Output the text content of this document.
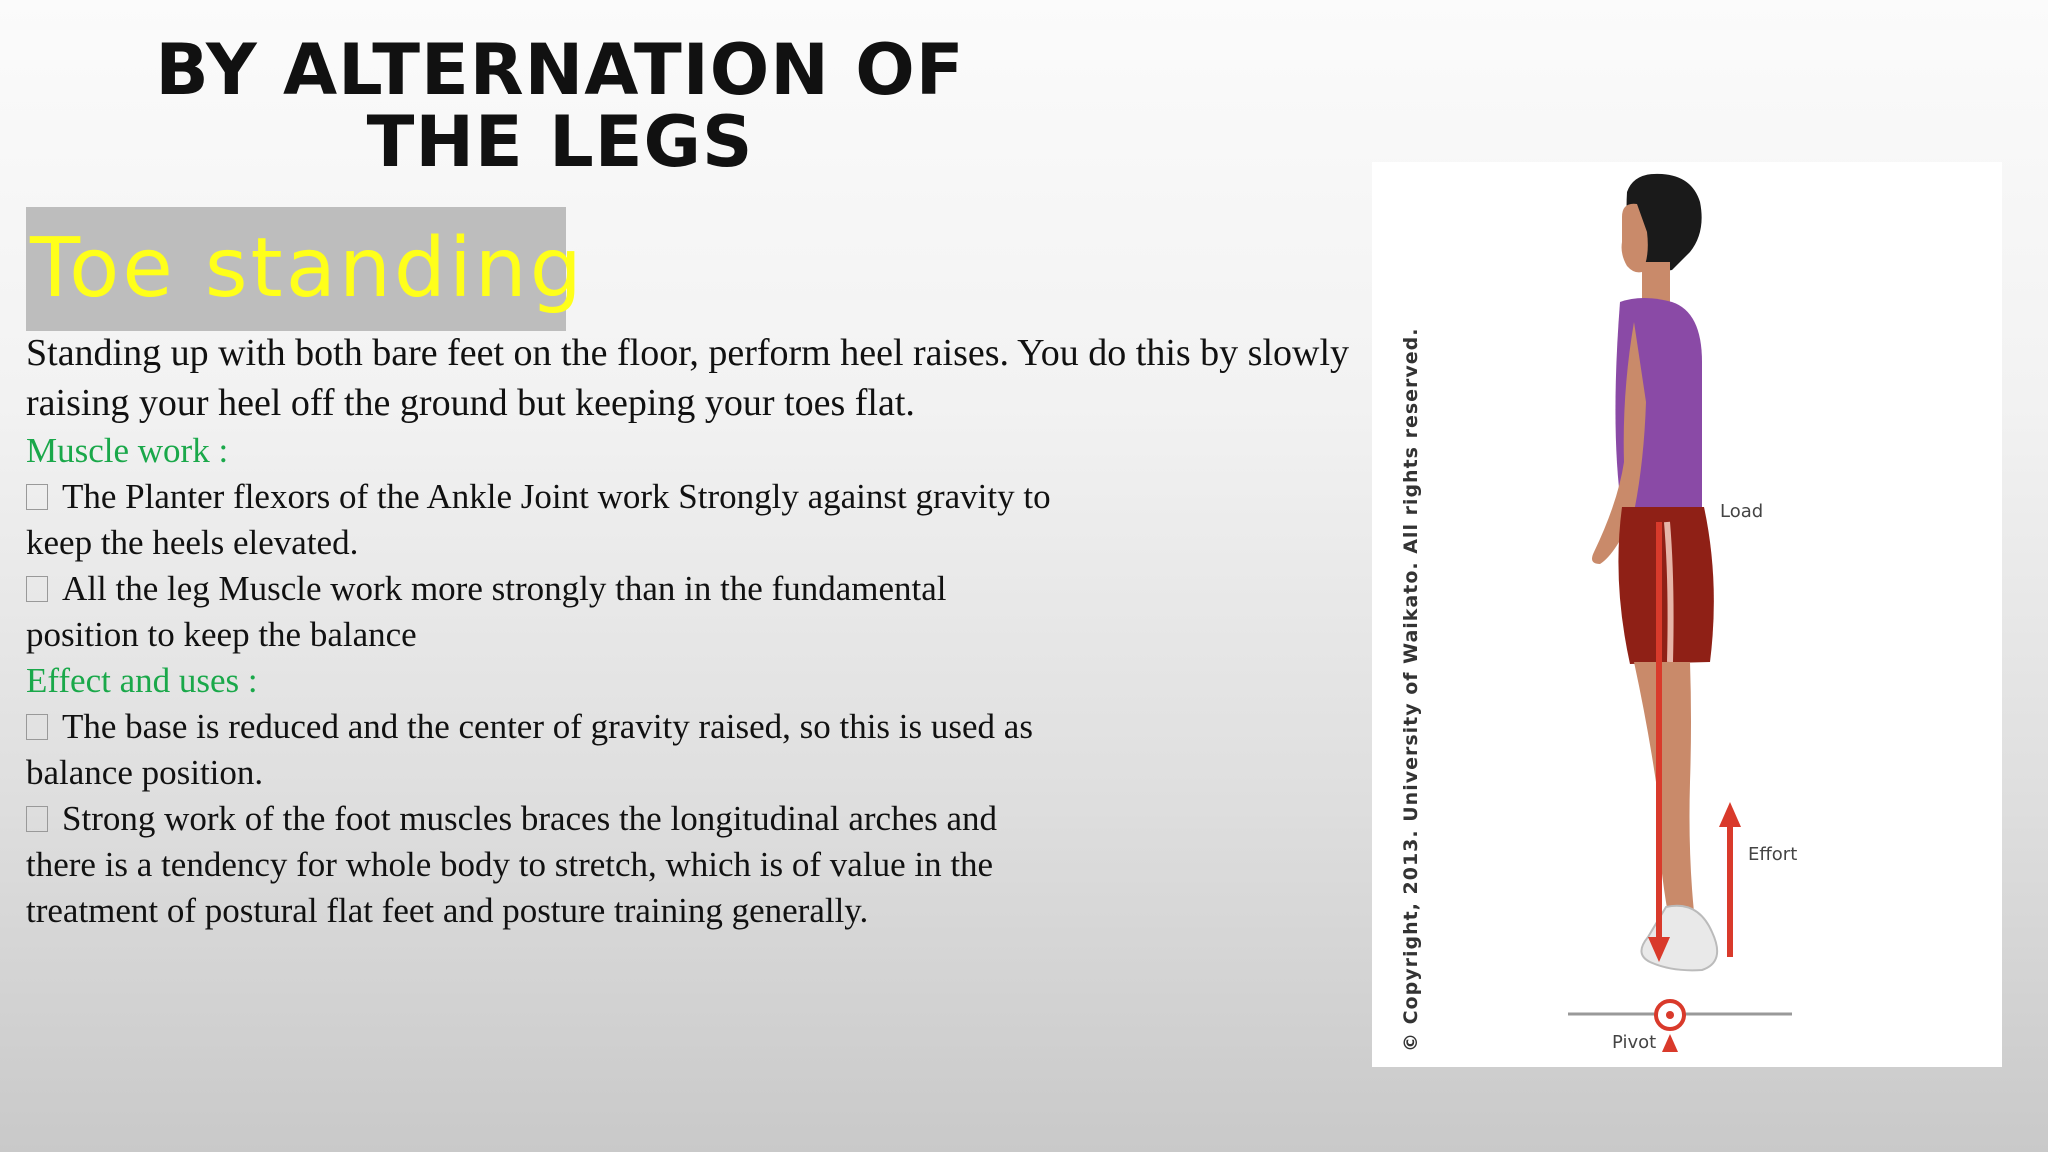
BY ALTERNATION OF THE LEGS
Toe standing

Standing up with both bare feet on the floor, perform heel raises. You do this by slowly raising your heel off the ground but keeping your toes flat.

Muscle work :

The Planter flexors of the Ankle Joint work Strongly against gravity to keep the heels elevated.

All the leg Muscle work more strongly than in the fundamental position to keep the balance

Effect and uses :

The base is reduced and the center of gravity raised, so this is used as balance position.

Strong work of the foot muscles braces the longitudinal arches and there is a tendency for whole body to stretch, which is of value in the treatment of postural flat feet and posture training generally.

Load
Effort
Pivot
© Copyright, 2013. University of Waikato. All rights reserved.
